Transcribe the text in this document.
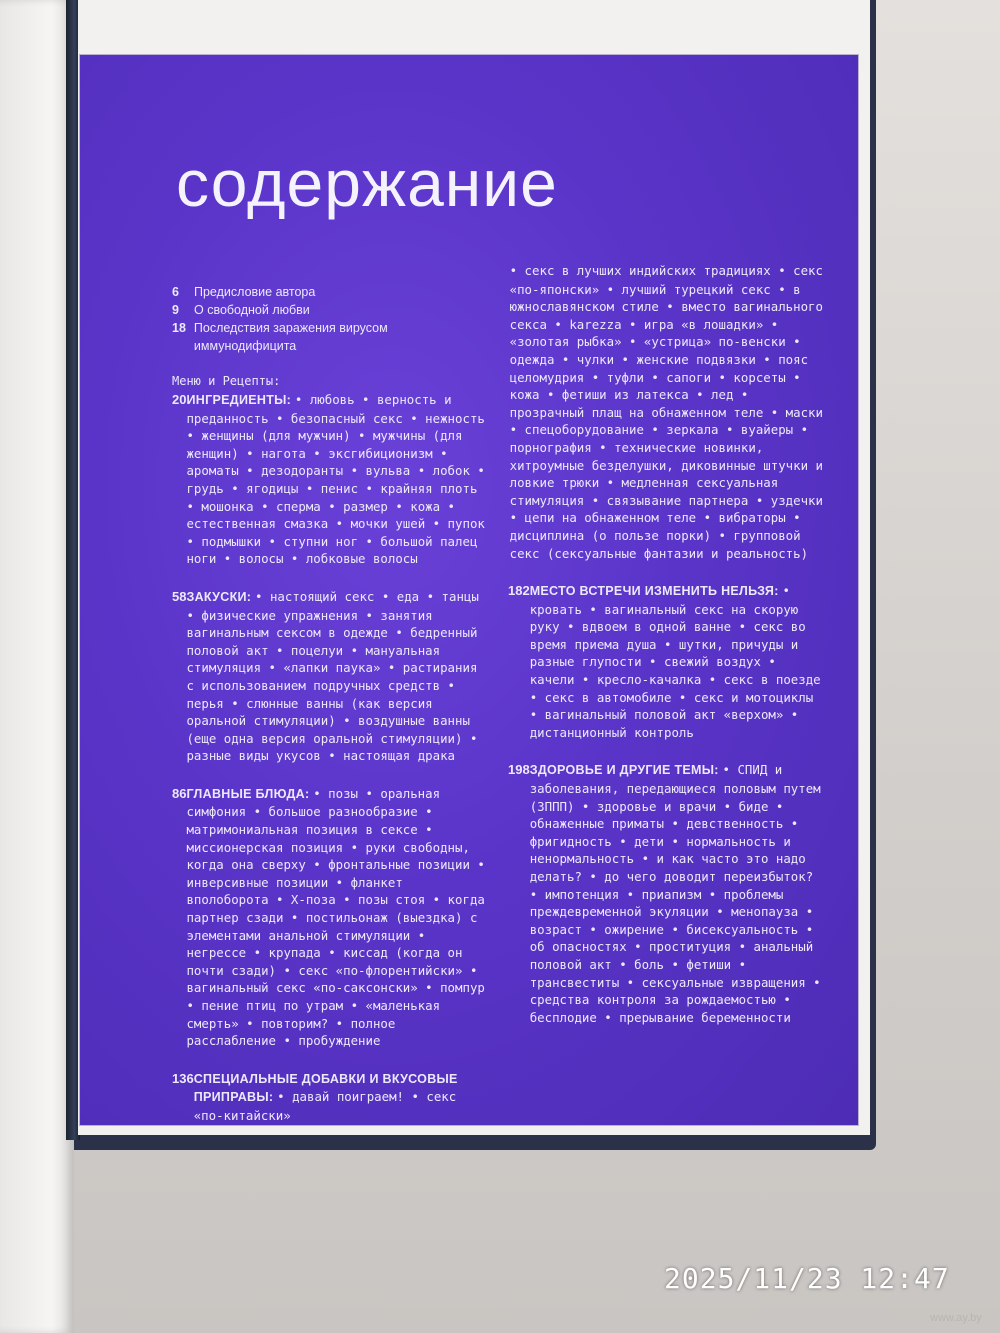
содержание
6	Предисловие автора
9	О свободной любви
18 Последствия заражения вирусом иммунодифицита
Меню и Рецепты:
20 ИНГРЕДИЕНТЫ: • любовь • верность и преданность • безопасный секс • нежность • женщины (для мужчин) • мужчины (для женщин) • нагота • эксгибиционизм • ароматы • дезодоранты • вульва • лобок • грудь • ягодицы • пенис • крайняя плоть • мошонка • сперма • размер • кожа • естественная смазка • мочки ушей • пупок • подмышки • ступни ног • большой палец ноги • волосы • лобковые волосы
58 ЗАКУСКИ: • настоящий секс • еда • танцы • физические упражнения • занятия вагинальным сексом в одежде • бедренный половой акт • поцелуи • мануальная стимуляция • «лапки паука» • растирания с использованием подручных средств • перья • слюнные ванны (как версия оральной стимуляции) • воздушные ванны (еще одна версия оральной стимуляции) • разные виды укусов • настоящая драка
86 ГЛАВНЫЕ БЛЮДА: • позы • оральная симфония • большое разнообразие • матримониальная позиция в сексе • миссионерская позиция • руки свободны, когда она сверху • фронтальные позиции • инверсивные позиции • фланкет вполоборота • X-поза • позы стоя • когда партнер сзади • постильонаж (выездка) с элементами анальной стимуляции • негрессе • крупада • киссад (когда он почти сзади) • секс «по-флорентийски» • вагинальный секс «по-саксонски» • помпур • пение птиц по утрам • «маленькая смерть» • повторим? • полное расслабление • пробуждение
136 СПЕЦИАЛЬНЫЕ ДОБАВКИ И ВКУСОВЫЕ ПРИПРАВЫ: • давай поиграем! • секс «по-китайски»
• секс в лучших индийских традициях • секс «по-японски» • лучший турецкий секс • в южнославянском стиле • вместо вагинального секса • karezza • игра «в лошадки» • «золотая рыбка» • «устрица» по-венски • одежда • чулки • женские подвязки • пояс целомудрия • туфли • сапоги • корсеты • кожа • фетиши из латекса • лед • прозрачный плащ на обнаженном теле • маски • спецоборудование • зеркала • вуайеры • порнография • технические новинки, хитроумные безделушки, диковинные штучки и ловкие трюки • медленная сексуальная стимуляция • связывание партнера • уздечки • цепи на обнаженном теле • вибраторы • дисциплина (о пользе порки) • групповой секс (сексуальные фантазии и реальность)
182 МЕСТО ВСТРЕЧИ ИЗМЕНИТЬ НЕЛЬЗЯ: • кровать • вагинальный секс на скорую руку • вдвоем в одной ванне • секс во время приема душа • шутки, причуды и разные глупости • свежий воздух • качели • кресло-качалка • секс в поезде • секс в автомобиле • секс и мотоциклы • вагинальный половой акт «верхом» • дистанционный контроль
198 ЗДОРОВЬЕ И ДРУГИЕ ТЕМЫ: • СПИД и заболевания, передающиеся половым путем (ЗППП) • здоровье и врачи • биде • обнаженные приматы • девственность • фригидность • дети • нормальность и ненормальность • и как часто это надо делать? • до чего доводит переизбыток? • импотенция • приапизм • проблемы преждевременной экуляции • менопауза • возраст • ожирение • бисексуальность • об опасностях • проституция • анальный половой акт • боль • фетиши • трансвеститы • сексуальные извращения • средства контроля за рождаемостью • бесплодие • прерывание беременности
2025/11/23 12:47
www.ay.by
